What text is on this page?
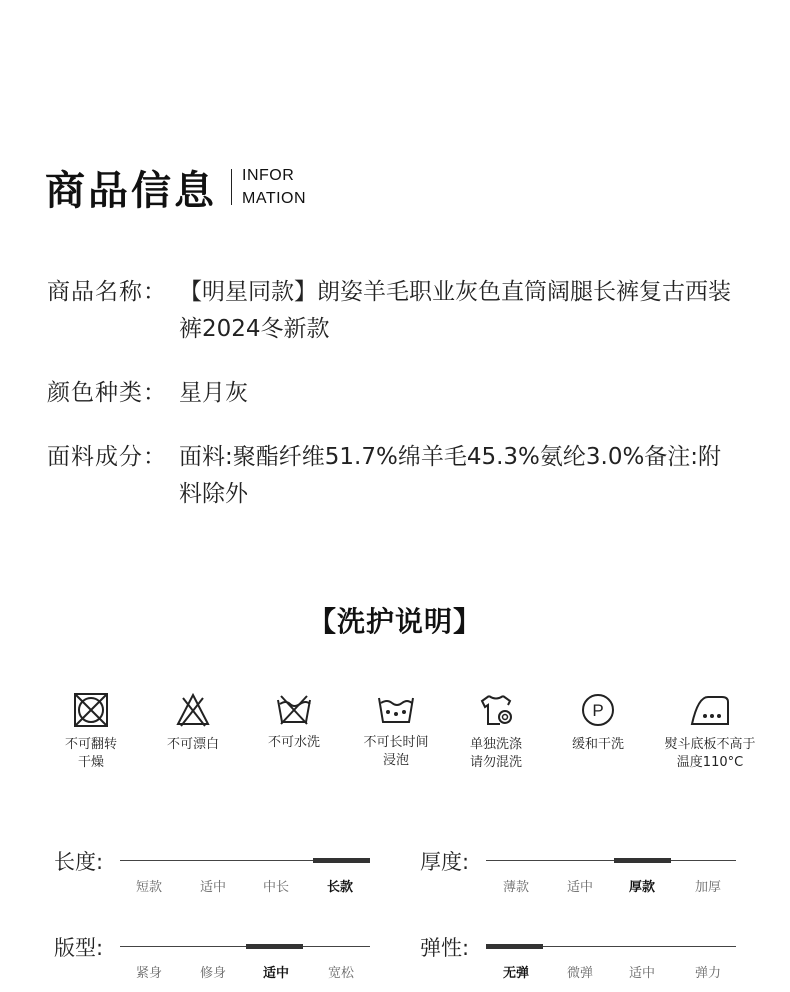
商品信息 INFOR
MATION
商品名称： 【明星同款】朗姿羊毛职业灰色直筒阔腿长裤复古西装裤2024冬新款
颜色种类： 星月灰
面料成分： 面料:聚酯纤维51.7%绵羊毛45.3%氨纶3.0%备注:附料除外
【洗护说明】
不可翻转
干燥
不可漂白	不可水洗	不可长时间
浸泡
单独洗涤
请勿混洗
P
缓和干洗	熨斗底板不高于
温度110°C
长度:
短款	适中	中长	长款
厚度:
薄款	适中	厚款	加厚
版型:
紧身	修身	适中	宽松
弹性:
无弹	微弹	适中	弹力
